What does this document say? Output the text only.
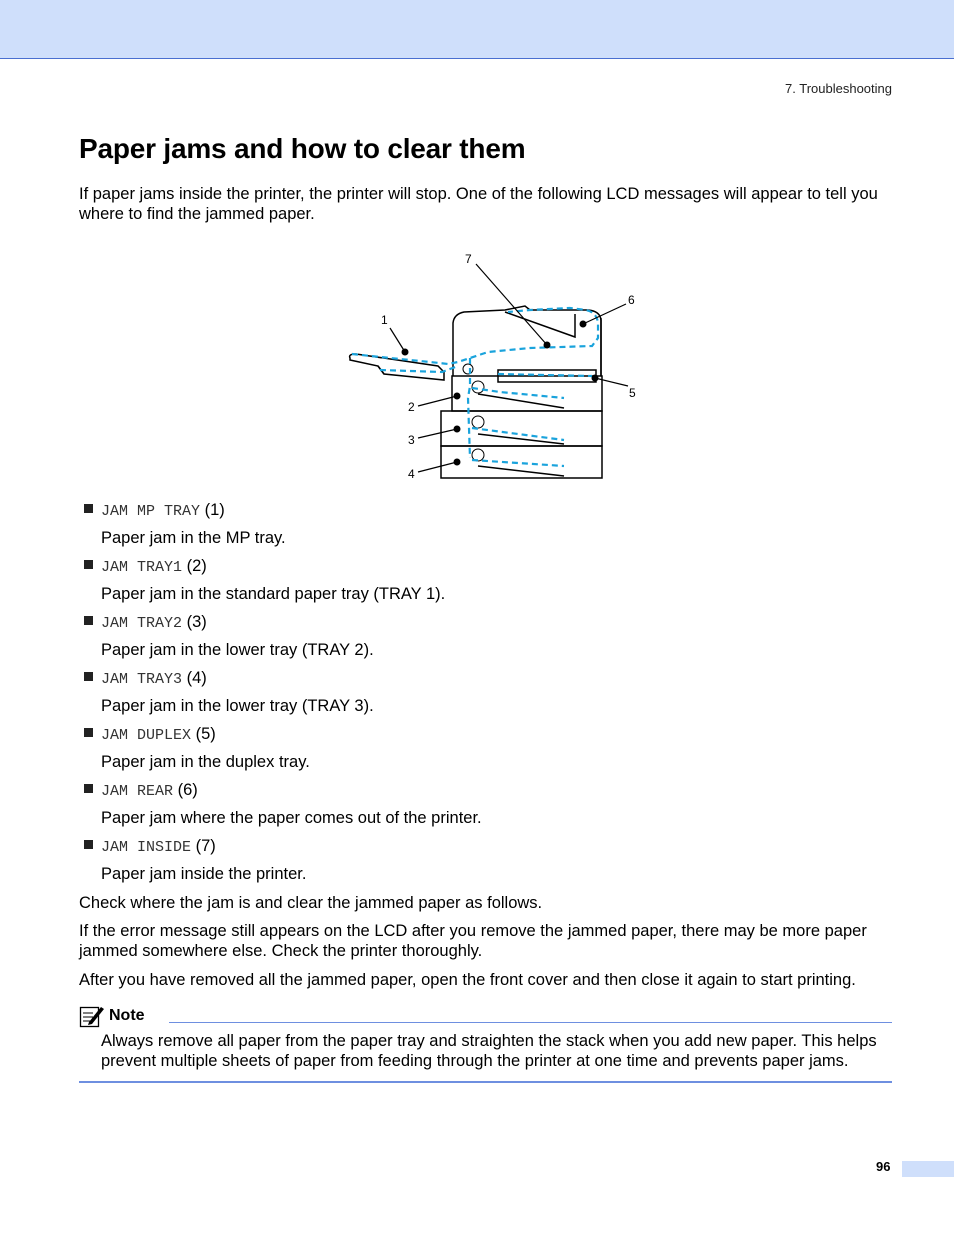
7. Troubleshooting
Paper jams and how to clear them

If paper jams inside the printer, the printer will stop. One of the following LCD messages will appear to tell you where to find the jammed paper.

1
2
3
4
5
6
7
JAM MP TRAY (1)
Paper jam in the MP tray.
JAM TRAY1 (2)
Paper jam in the standard paper tray (TRAY 1).
JAM TRAY2 (3)
Paper jam in the lower tray (TRAY 2).
JAM TRAY3 (4)
Paper jam in the lower tray (TRAY 3).
JAM DUPLEX (5)
Paper jam in the duplex tray.
JAM REAR (6)
Paper jam where the paper comes out of the printer.
JAM INSIDE (7)
Paper jam inside the printer.

Check where the jam is and clear the jammed paper as follows.

If the error message still appears on the LCD after you remove the jammed paper, there may be more paper jammed somewhere else. Check the printer thoroughly.

After you have removed all the jammed paper, open the front cover and then close it again to start printing.

Note

Always remove all paper from the paper tray and straighten the stack when you add new paper. This helps prevent multiple sheets of paper from feeding through the printer at one time and prevents paper jams.

96
